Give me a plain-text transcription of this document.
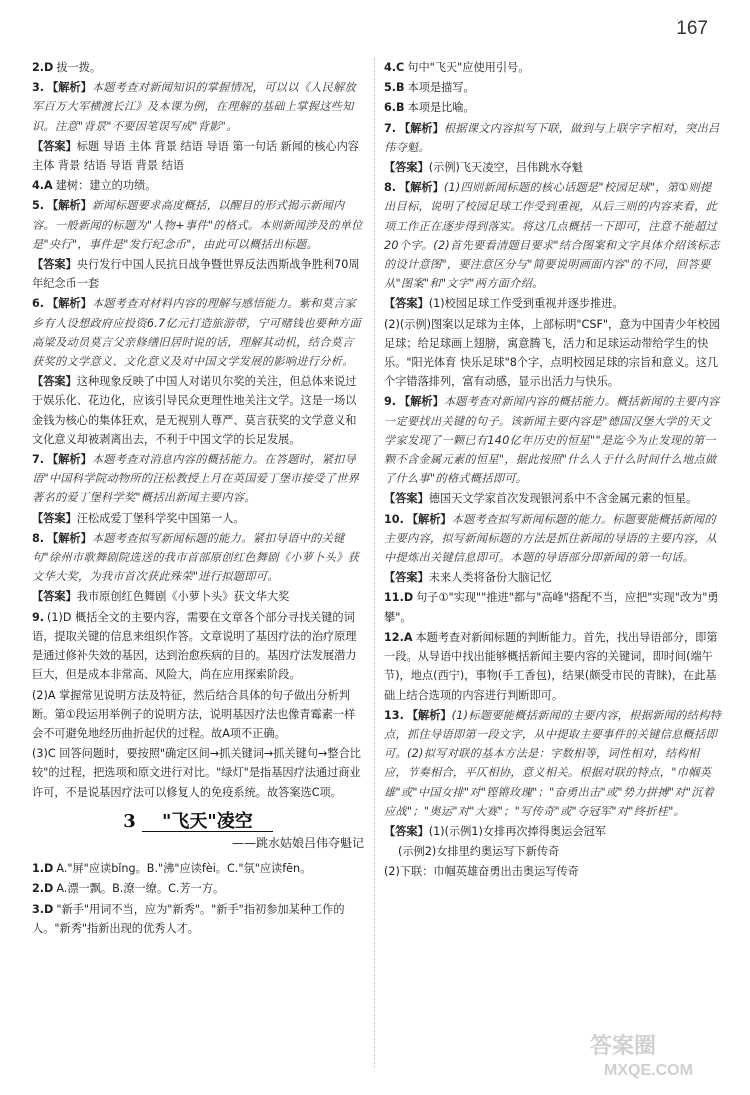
167
2.D 拔一拨。
3. 【解析】本题考查对新闻知识的掌握情况，可以以《人民解放军百万大军横渡长江》及本课为例，在理解的基础上掌握这些知识。注意"背景"不要因笔误写成"背影"。
【答案】标题 导语 主体 背景 结语 导语 第一句话 新闻的核心内容 主体 背景 结语 导语 背景 结语
4.A 建树：建立的功绩。
5. 【解析】新闻标题要求高度概括，以醒目的形式揭示新闻内容。一般新闻的标题为"人物+事件"的格式。本则新闻涉及的单位是"央行"，事件是"发行纪念币"，由此可以概括出标题。
【答案】央行发行中国人民抗日战争暨世界反法西斯战争胜利70周年纪念币一套
6. 【解析】本题考查对材料内容的理解与感悟能力。紫和莫言家乡有人设想政府应投资6.7亿元打造旅游带，宁可赌钱也要种方面高梁及动员莫言父亲修缮旧居时说的话，理解其动机，结合莫言获奖的文学意义、文化意义及对中国文学发展的影响进行分析。
【答案】这种现象反映了中国人对诺贝尔奖的关注，但总体来说过于娱乐化、花边化，应该引导民众更理性地关注文学。这是一场以金钱为核心的集体狂欢，是无视别人尊严、莫言获奖的文学意义和文化意义却被剥离出去，不利于中国文学的长足发展。
7. 【解析】本题考查对消息内容的概括能力。在答题时，紧扣导语"中国科学院动物所的汪松教授上月在英国爱丁堡市接受了世界著名的爱丁堡科学奖"概括出新闻主要内容。
【答案】汪松成爱丁堡科学奖中国第一人。
8. 【解析】本题考查拟写新闻标题的能力。紧扣导语中的关键句"徐州市歌舞剧院选送的我市首部原创红色舞剧《小萝卜头》获文华大奖，为我市首次获此殊荣"进行拟题即可。
【答案】我市原创红色舞剧《小萝卜头》获文华大奖
9. (1)D 概括全文的主要内容，需要在文章各个部分寻找关键的词语，提取关键的信息来组织作答。文章说明了基因疗法的治疗原理是通过修补失效的基因，达到治愈疾病的目的。基因疗法发展潜力巨大，但是成本非常高、风险大，尚在应用探索阶段。
(2)A 掌握常见说明方法及特征，然后结合具体的句子做出分析判断。第①段运用举例子的说明方法，说明基因疗法也像青霉素一样会不可避免地经历曲折起伏的过程。故A项不正确。
(3)C 回答问题时，要按照"确定区间→抓关键词→抓关键句→整合比较"的过程，把选项和原文进行对比。"绿灯"是指基因疗法通过商业许可，不是说基因疗法可以修复人的免疫系统。故答案选C项。
3 "飞天"凌空
——跳水姑娘吕伟夺魁记
1.D A."屏"应读bǐng。B."沸"应读fèi。C."氛"应读fēn。
2.D A.漂一飘。B.潦一缭。C.芳一方。
3.D "新手"用词不当，应为"新秀"。"新手"指初参加某种工作的人。"新秀"指新出现的优秀人才。
4.C 句中"飞天"应使用引号。
5.B 本项是描写。
6.B 本项是比喻。
7. 【解析】根据课文内容拟写下联，做到与上联字字相对，突出吕伟夺魁。
【答案】(示例)飞天凌空，吕伟跳水夺魁
8. 【解析】(1)四则新闻标题的核心话题是"校园足球"，第①则提出目标，说明了校园足球工作受到重视，从后三则的内容来看，此项工作正在逐步得到落实。将这几点概括一下即可，注意不能超过20个字。(2)首先要看清题目要求"结合图案和文字具体介绍该标志的设计意图"，要注意区分与"简要说明画面内容"的不同，回答要从"图案"和"文字"两方面介绍。
【答案】(1)校园足球工作受到重视并逐步推进。
(2)(示例)图案以足球为主体，上部标明"CSF"，意为中国青少年校园足球；给足球画上翅膀，寓意腾飞，活力和足球运动带给学生的快乐。"阳光体育 快乐足球"8个字，点明校园足球的宗旨和意义。这几个字错落排列，富有动感，显示出活力与快乐。
9. 【解析】本题考查对新闻内容的概括能力。概括新闻的主要内容一定要找出关键的句子。该新闻主要内容是"德国汉堡大学的天文学家发现了一颗已有140亿年历史的恒星""是迄今为止发现的第一颗不含金属元素的恒星"，据此按照"什么人于什么时间什么地点做了什么事"的格式概括即可。
【答案】德国天文学家首次发现银河系中不含金属元素的恒星。
10. 【解析】本题考查拟写新闻标题的能力。标题要能概括新闻的主要内容，拟写新闻标题的方法是抓住新闻的导语的主要内容，从中提炼出关键信息即可。本题的导语部分即新闻的第一句话。
【答案】未来人类将备份大脑记忆
11.D 句子①"实现""推进"都与"高峰"搭配不当，应把"实现"改为"勇攀"。
12.A 本题考查对新闻标题的判断能力。首先，找出导语部分，即第一段。从导语中找出能够概括新闻主要内容的关键词，即时间(端午节)，地点(西宁)，事物(手工香包)，结果(颇受市民的青睐)，在此基础上结合选项的内容进行判断即可。
13. 【解析】(1)标题要能概括新闻的主要内容，根据新闻的结构特点，抓住导语即第一段文字，从中提取主要事件的关键信息概括即可。(2)拟写对联的基本方法是：字数相等，词性相对，结构相应，节奏相合，平仄相协，意义相关。根据对联的特点，"巾帼英雄"或"中国女排"对"铿锵玫瑰"；"奋勇出击"或"势力拼搏"对"沉着应战"；"奥运"对"大赛"；"写传奇"或"夺冠军"对"终折桂"。
【答案】(1)(示例1)女排再次捧得奥运会冠军
(示例2)女排里约奥运写下新传奇
(2)下联：巾帼英雄奋勇出击奥运写传奇
答案圈
MXQE.COM
